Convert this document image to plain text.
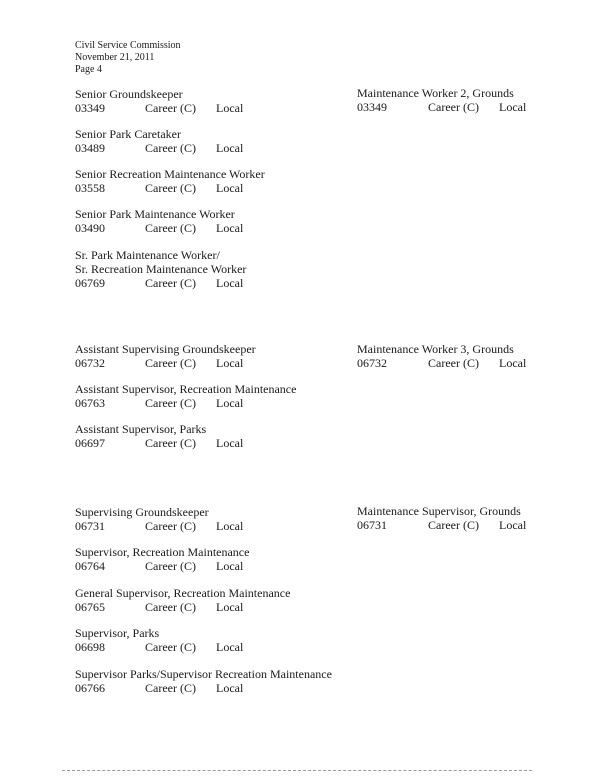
Civil Service Commission
November 21, 2011
Page 4
Senior Groundskeeper
03349	Career (C) Local
Senior Park Caretaker
03489	Career (C) Local
Senior Recreation Maintenance Worker
03558	Career (C) Local
Senior Park Maintenance Worker
03490	Career (C) Local
Sr. Park Maintenance Worker/
Sr. Recreation Maintenance Worker
06769	Career (C) Local
Assistant Supervising Groundskeeper
06732	Career (C) Local
Assistant Supervisor, Recreation Maintenance
06763	Career (C) Local
Assistant Supervisor, Parks
06697	Career (C) Local
Supervising Groundskeeper
06731	Career (C) Local
Supervisor, Recreation Maintenance
06764	Career (C) Local
General Supervisor, Recreation Maintenance
06765	Career (C) Local
Supervisor, Parks
06698	Career (C) Local
Supervisor Parks/Supervisor Recreation Maintenance
06766	Career (C) Local
Maintenance Worker 2, Grounds
03349	Career (C) Local
Maintenance Worker 3, Grounds
06732	Career (C) Local
Maintenance Supervisor, Grounds
06731	Career (C) Local
